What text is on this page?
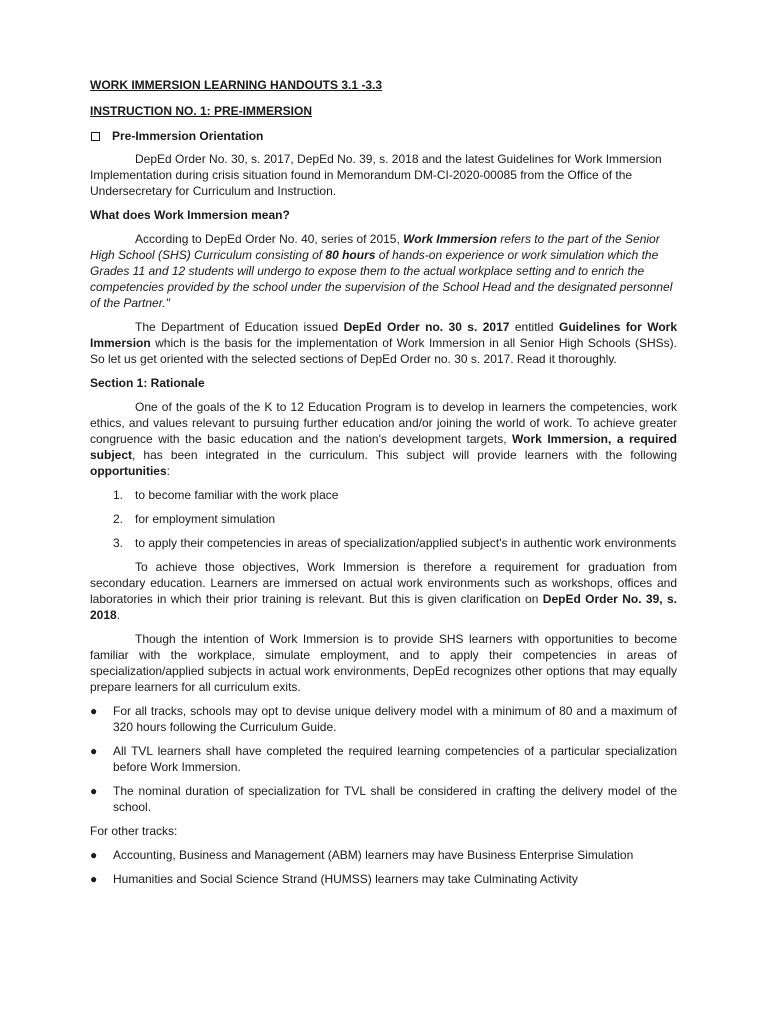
WORK IMMERSION LEARNING HANDOUTS 3.1 -3.3

INSTRUCTION NO. 1: PRE-IMMERSION

Pre-Immersion Orientation

DepEd Order No. 30, s. 2017, DepEd No. 39, s. 2018 and the latest Guidelines for Work Immersion Implementation during crisis situation found in Memorandum DM-CI-2020-00085 from the Office of the Undersecretary for Curriculum and Instruction.

What does Work Immersion mean?

According to DepEd Order No. 40, series of 2015, Work Immersion refers to the part of the Senior High School (SHS) Curriculum consisting of 80 hours of hands-on experience or work simulation which the Grades 11 and 12 students will undergo to expose them to the actual workplace setting and to enrich the competencies provided by the school under the supervision of the School Head and the designated personnel of the Partner."

The Department of Education issued DepEd Order no. 30 s. 2017 entitled Guidelines for Work Immersion which is the basis for the implementation of Work Immersion in all Senior High Schools (SHSs). So let us get oriented with the selected sections of DepEd Order no. 30 s. 2017. Read it thoroughly.

Section 1: Rationale

One of the goals of the K to 12 Education Program is to develop in learners the competencies, work ethics, and values relevant to pursuing further education and/or joining the world of work. To achieve greater congruence with the basic education and the nation's development targets, Work Immersion, a required subject, has been integrated in the curriculum. This subject will provide learners with the following opportunities:

1. to become familiar with the work place
2. for employment simulation
3. to apply their competencies in areas of specialization/applied subject's in authentic work environments

To achieve those objectives, Work Immersion is therefore a requirement for graduation from secondary education. Learners are immersed on actual work environments such as workshops, offices and laboratories in which their prior training is relevant. But this is given clarification on DepEd Order No. 39, s. 2018.

Though the intention of Work Immersion is to provide SHS learners with opportunities to become familiar with the workplace, simulate employment, and to apply their competencies in areas of specialization/applied subjects in actual work environments, DepEd recognizes other options that may equally prepare learners for all curriculum exits.

●	For all tracks, schools may opt to devise unique delivery model with a minimum of 80 and a maximum of 320 hours following the Curriculum Guide.
●	All TVL learners shall have completed the required learning competencies of a particular specialization before Work Immersion.
●	The nominal duration of specialization for TVL shall be considered in crafting the delivery model of the school.

For other tracks:

●	Accounting, Business and Management (ABM) learners may have Business Enterprise Simulation
●	Humanities and Social Science Strand (HUMSS) learners may take Culminating Activity
